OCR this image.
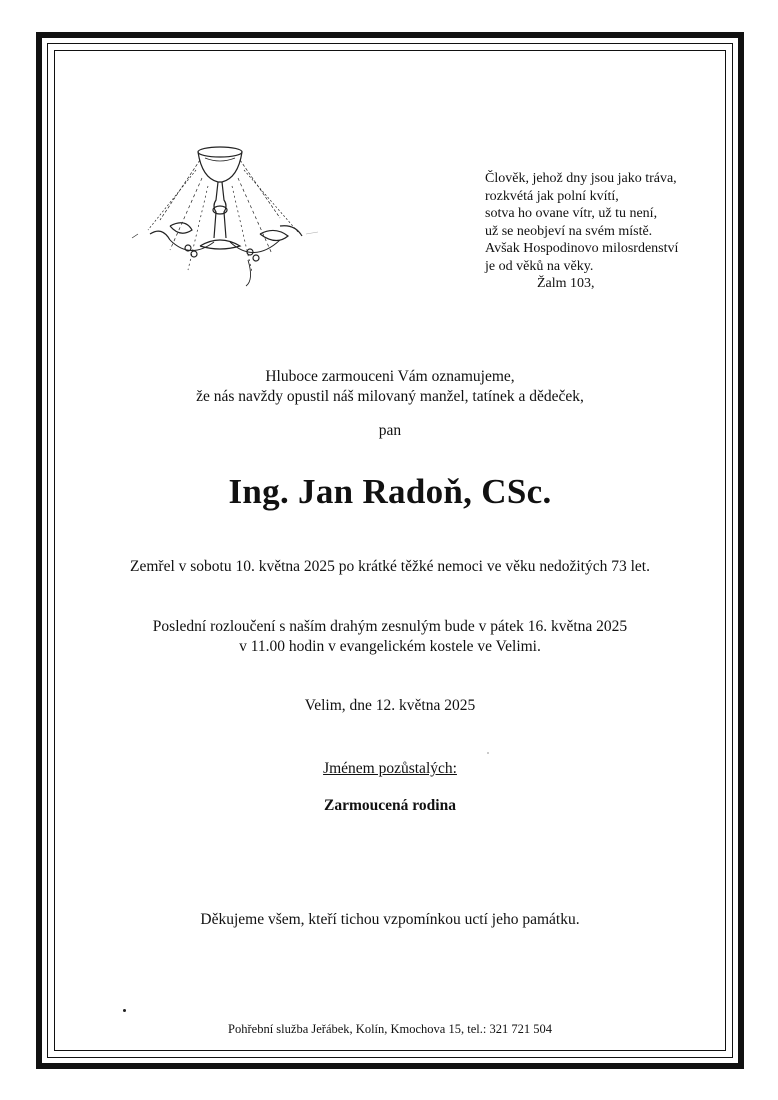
Člověk, jehož dny jsou jako tráva,
rozkvétá jak polní kvítí,
sotva ho ovane vítr, už tu není,
už se neobjeví na svém místě.
Avšak Hospodinovo milosrdenství
je od věků na věky.
Žalm 103,
Hluboce zarmouceni Vám oznamujeme,
že nás navždy opustil náš milovaný manžel, tatínek a dědeček,
pan
Ing. Jan Radoň, CSc.
Zemřel v sobotu 10. května 2025 po krátké těžké nemoci ve věku nedožitých 73 let.
Poslední rozloučení s naším drahým zesnulým bude v pátek 16. května 2025
v 11.00 hodin v evangelickém kostele ve Velimi.
Velim, dne 12. května 2025
Jménem pozůstalých:
Zarmoucená rodina
Děkujeme všem, kteří tichou vzpomínkou uctí jeho památku.
Pohřební služba Jeřábek, Kolín, Kmochova 15, tel.: 321 721 504
